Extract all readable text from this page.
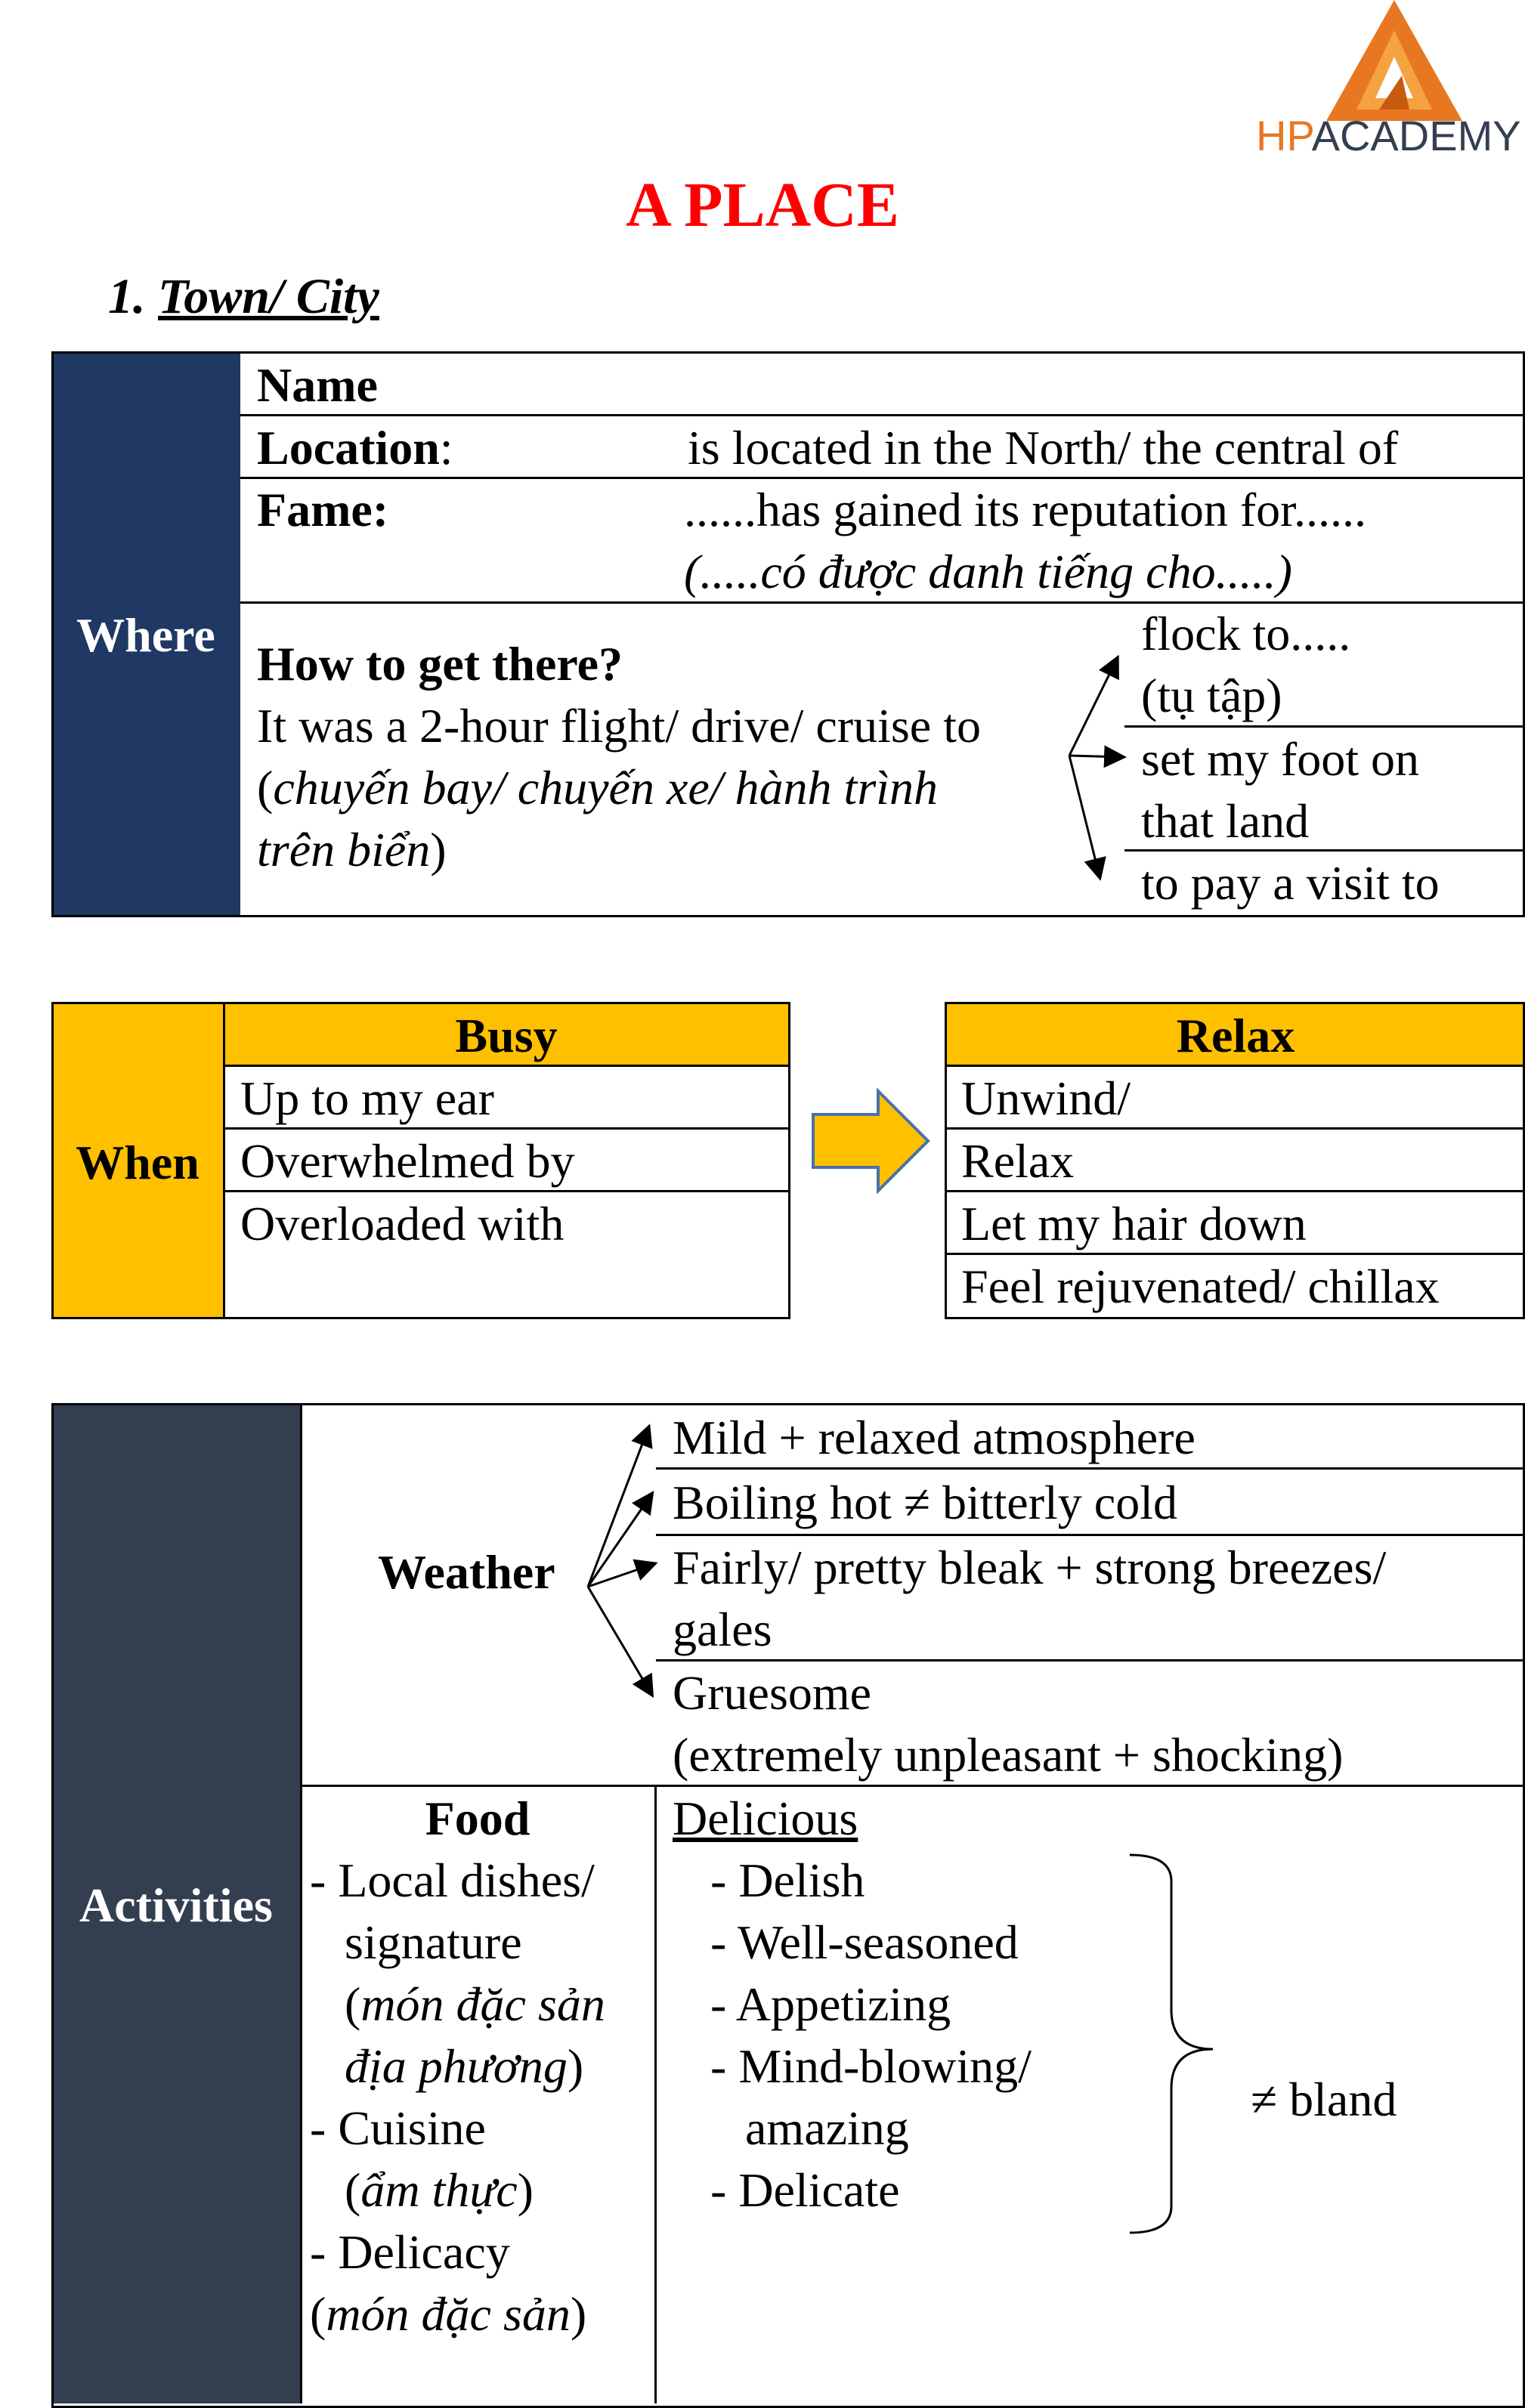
HPACADEMY
A PLACE
1. Town/ City
Where
Name
Location:	is located in the North/ the central of
Fame:	......has gained its reputation for......
(.....có được danh tiếng cho.....)
How to get there?
It was a 2-hour flight/ drive/ cruise to
(chuyến bay/ chuyến xe/ hành trình
trên biển)
flock to.....
(tụ tập)
set my foot on
that land
to pay a visit to
When
Busy
Up to my ear
Overwhelmed by
Overloaded with
Relax
Unwind/
Relax
Let my hair down
Feel rejuvenated/ chillax
Activities
Weather
Mild + relaxed atmosphere
Boiling hot ≠ bitterly cold
Fairly/ pretty bleak + strong breezes/
gales
Gruesome
(extremely unpleasant + shocking)
Food
- Local dishes/
signature
(món đặc sản
địa phương)
- Cuisine
(ẩm thực)
- Delicacy
(món đặc sản)
Delicious
- Delish
- Well-seasoned
- Appetizing
- Mind-blowing/
amazing
- Delicate
≠ bland
